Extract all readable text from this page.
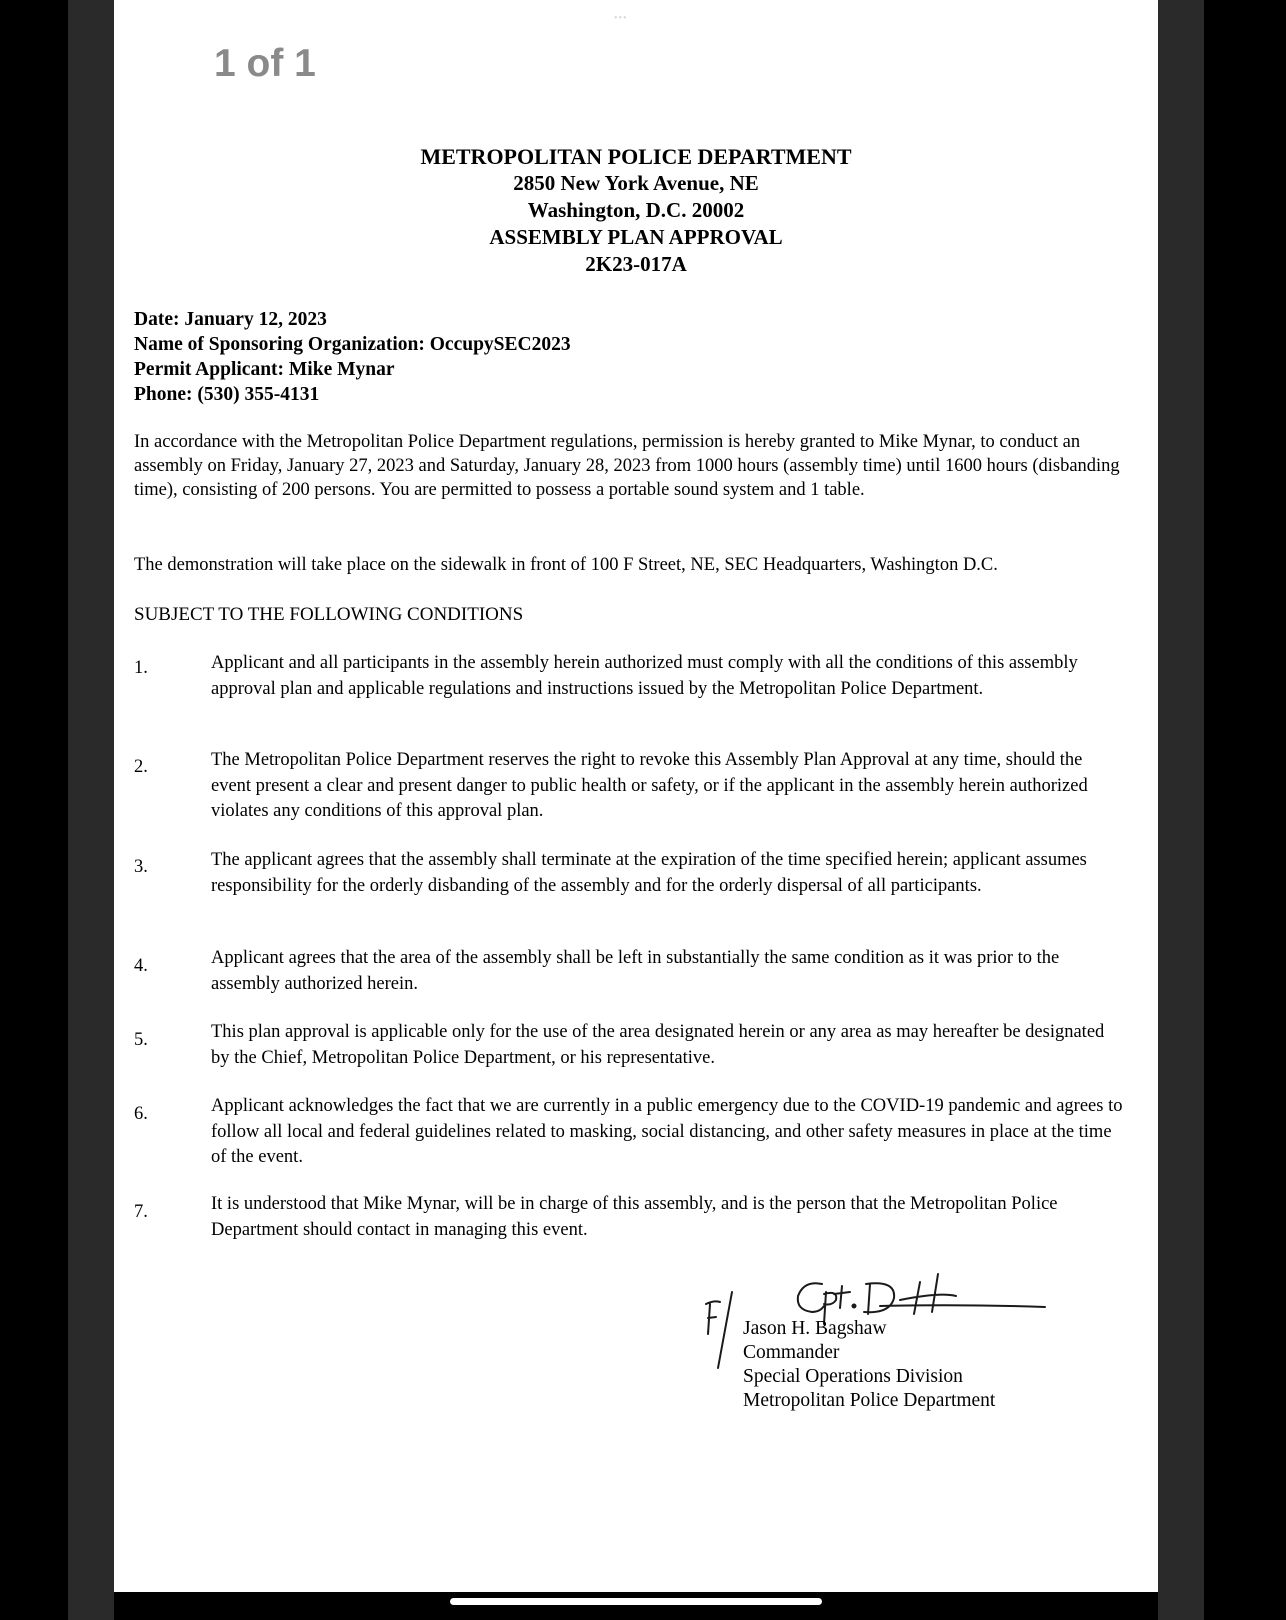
•••
1 of 1
METROPOLITAN POLICE DEPARTMENT
2850 New York Avenue, NE
Washington, D.C. 20002
ASSEMBLY PLAN APPROVAL
2K23-017A
Date: January 12, 2023
Name of Sponsoring Organization: OccupySEC2023
Permit Applicant: Mike Mynar
Phone: (530) 355-4131
In accordance with the Metropolitan Police Department regulations, permission is hereby granted to Mike Mynar, to conduct an assembly on Friday, January 27, 2023 and Saturday, January 28, 2023 from 1000 hours (assembly time) until 1600 hours (disbanding time), consisting of 200 persons. You are permitted to possess a portable sound system and 1 table.
The demonstration will take place on the sidewalk in front of 100 F Street, NE, SEC Headquarters, Washington D.C.
SUBJECT TO THE FOLLOWING CONDITIONS
1.	Applicant and all participants in the assembly herein authorized must comply with all the conditions of this assembly approval plan and applicable regulations and instructions issued by the Metropolitan Police Department.
2.	The Metropolitan Police Department reserves the right to revoke this Assembly Plan Approval at any time, should the event present a clear and present danger to public health or safety, or if the applicant in the assembly herein authorized violates any conditions of this approval plan.
3.	The applicant agrees that the assembly shall terminate at the expiration of the time specified herein; applicant assumes responsibility for the orderly disbanding of the assembly and for the orderly dispersal of all participants.
4.	Applicant agrees that the area of the assembly shall be left in substantially the same condition as it was prior to the assembly authorized herein.
5.	This plan approval is applicable only for the use of the area designated herein or any area as may hereafter be designated by the Chief, Metropolitan Police Department, or his representative.
6.	Applicant acknowledges the fact that we are currently in a public emergency due to the COVID-19 pandemic and agrees to follow all local and federal guidelines related to masking, social distancing, and other safety measures in place at the time of the event.
7.	It is understood that Mike Mynar, will be in charge of this assembly, and is the person that the Metropolitan Police Department should contact in managing this event.
Jason H. Bagshaw
Commander
Special Operations Division
Metropolitan Police Department
